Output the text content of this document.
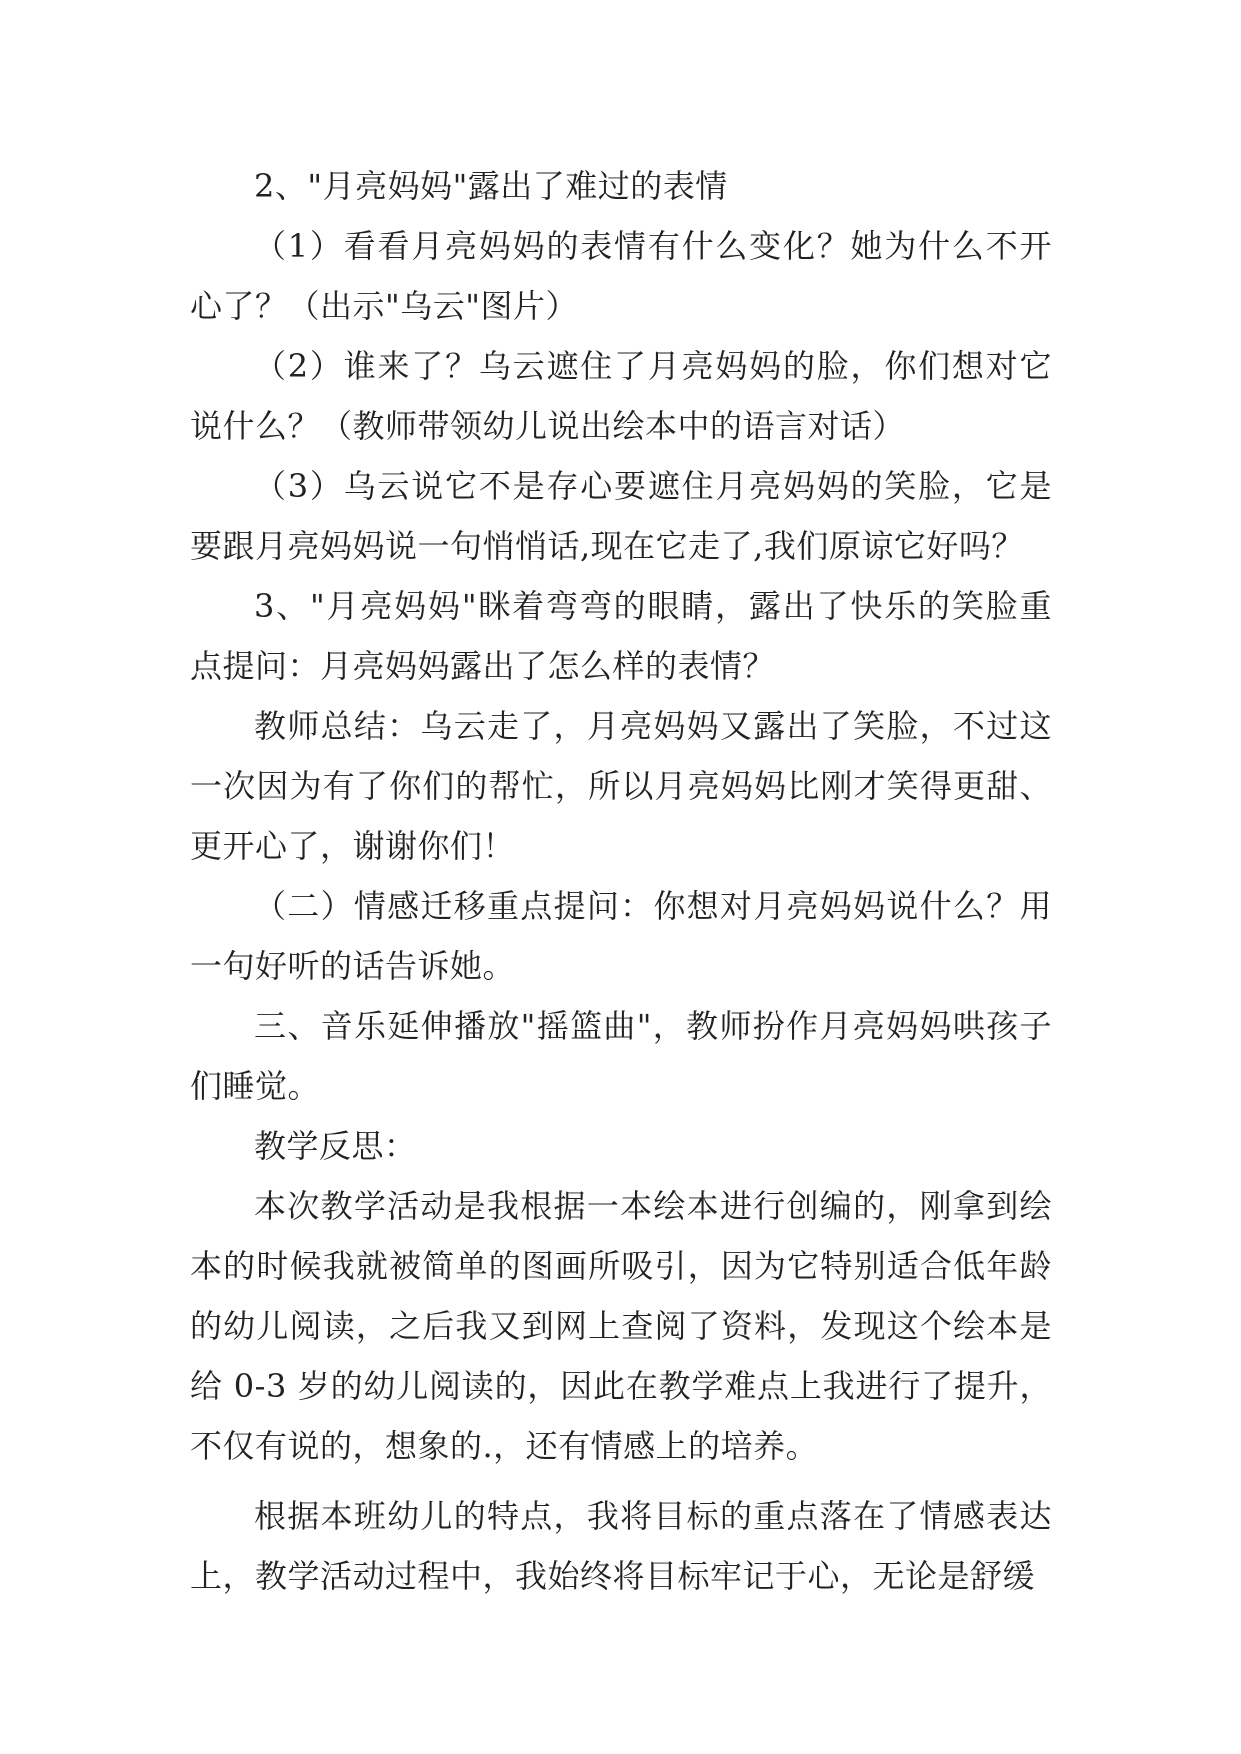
2、"月亮妈妈"露出了难过的表情

（1）看看月亮妈妈的表情有什么变化？她为什么不开心了？（出示"乌云"图片）

（2）谁来了？乌云遮住了月亮妈妈的脸，你们想对它说什么？（教师带领幼儿说出绘本中的语言对话）

（3）乌云说它不是存心要遮住月亮妈妈的笑脸，它是要跟月亮妈妈说一句悄悄话,现在它走了,我们原谅它好吗？

3、"月亮妈妈"眯着弯弯的眼睛，露出了快乐的笑脸重点提问：月亮妈妈露出了怎么样的表情？

教师总结：乌云走了，月亮妈妈又露出了笑脸，不过这一次因为有了你们的帮忙，所以月亮妈妈比刚才笑得更甜、更开心了，谢谢你们！

（二）情感迁移重点提问：你想对月亮妈妈说什么？用一句好听的话告诉她。

三、音乐延伸播放"摇篮曲"，教师扮作月亮妈妈哄孩子们睡觉。

教学反思：

本次教学活动是我根据一本绘本进行创编的，刚拿到绘本的时候我就被简单的图画所吸引，因为它特别适合低年龄的幼儿阅读，之后我又到网上查阅了资料，发现这个绘本是给 0-3 岁的幼儿阅读的，因此在教学难点上我进行了提升，不仅有说的，想象的.，还有情感上的培养。

根据本班幼儿的特点，我将目标的重点落在了情感表达上，教学活动过程中，我始终将目标牢记于心，无论是舒缓
